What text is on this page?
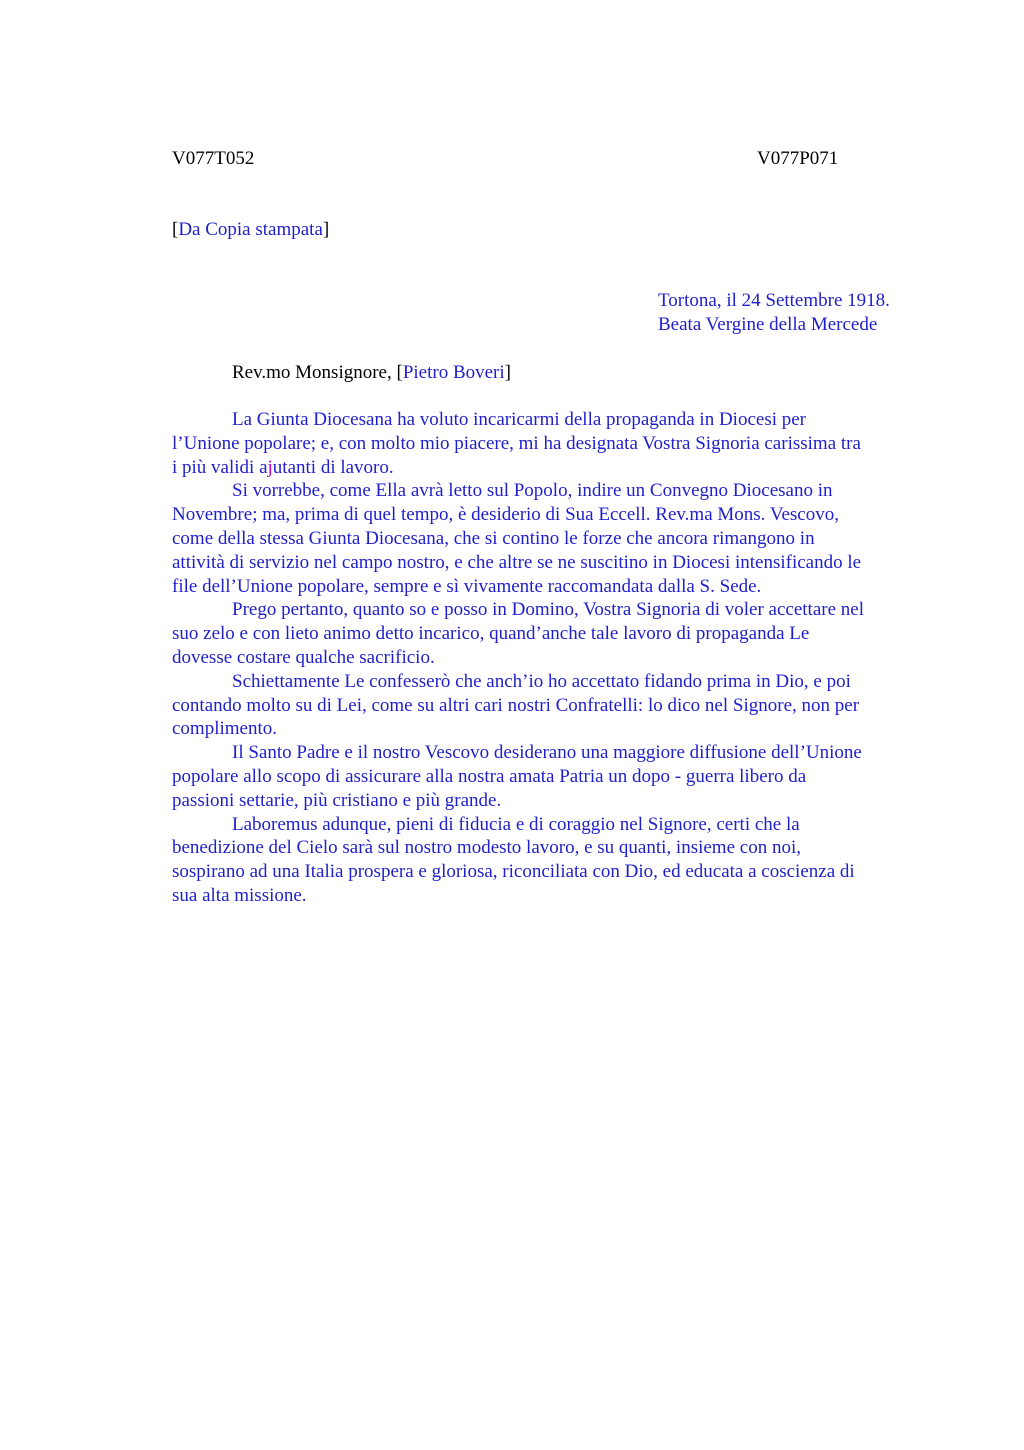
V077T052	V077P071
[Da Copia stampata]
Tortona, il 24 Settembre 1918.
Beata Vergine della Mercede
Rev.mo Monsignore, [Pietro Boveri]
La Giunta Diocesana ha voluto incaricarmi della propaganda in Diocesi per
l’Unione popolare; e, con molto mio piacere, mi ha designata Vostra Signoria carissima tra
i più validi ajutanti di lavoro.
Si vorrebbe, come Ella avrà letto sul Popolo, indire un Convegno Diocesano in
Novembre; ma, prima di quel tempo, è desiderio di Sua Eccell. Rev.ma Mons. Vescovo,
come della stessa Giunta Diocesana, che si contino le forze che ancora rimangono in
attività di servizio nel campo nostro, e che altre se ne suscitino in Diocesi intensificando le
file dell’Unione popolare, sempre e sì vivamente raccomandata dalla S. Sede.
Prego pertanto, quanto so e posso in Domino, Vostra Signoria di voler accettare nel
suo zelo e con lieto animo detto incarico, quand’anche tale lavoro di propaganda Le
dovesse costare qualche sacrificio.
Schiettamente Le confesserò che anch’io ho accettato fidando prima in Dio, e poi
contando molto su di Lei, come su altri cari nostri Confratelli: lo dico nel Signore, non per
complimento.
Il Santo Padre e il nostro Vescovo desiderano una maggiore diffusione dell’Unione
popolare allo scopo di assicurare alla nostra amata Patria un dopo - guerra libero da
passioni settarie, più cristiano e più grande.
Laboremus adunque, pieni di fiducia e di coraggio nel Signore, certi che la
benedizione del Cielo sarà sul nostro modesto lavoro, e su quanti, insieme con noi,
sospirano ad una Italia prospera e gloriosa, riconciliata con Dio, ed educata a coscienza di
sua alta missione.
